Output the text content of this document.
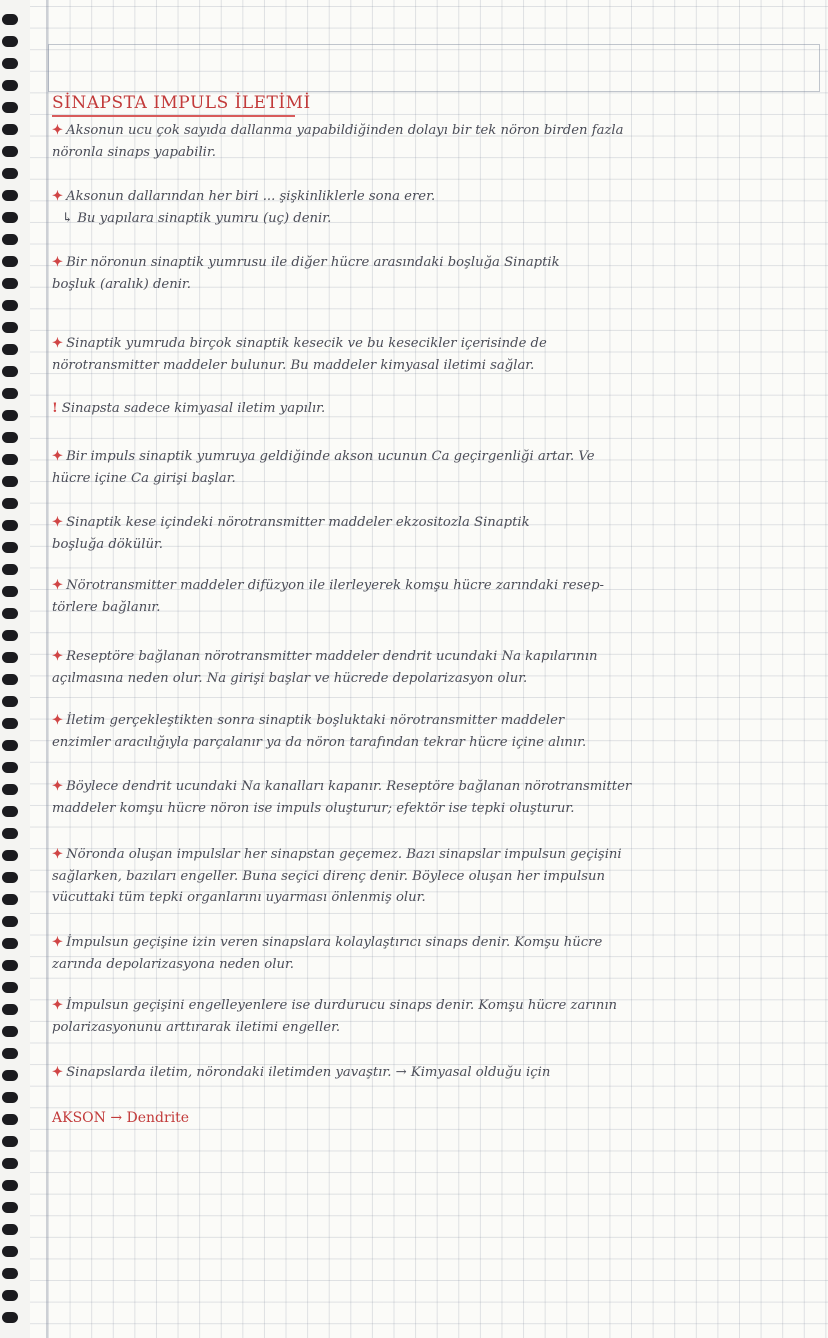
SİNAPSTA IMPULS İLETİMİ
✦ Aksonun ucu çok sayıda dallanma yapabildiğinden dolayı bir tek nöron birden fazla
nöronla sinaps yapabilir.
✦ Aksonun dallarından her biri ... şişkinliklerle sona erer.
↳ Bu yapılara sinaptik yumru (uç) denir.
✦ Bir nöronun sinaptik yumrusu ile diğer hücre arasındaki boşluğa Sinaptik
boşluk (aralık) denir.
✦ Sinaptik yumruda birçok sinaptik kesecik ve bu kesecikler içerisinde de
nörotransmitter maddeler bulunur. Bu maddeler kimyasal iletimi sağlar.
! Sinapsta sadece kimyasal iletim yapılır.
✦ Bir impuls sinaptik yumruya geldiğinde akson ucunun Ca geçirgenliği artar. Ve
hücre içine Ca girişi başlar.
✦ Sinaptik kese içindeki nörotransmitter maddeler ekzositozla Sinaptik
boşluğa dökülür.
✦ Nörotransmitter maddeler difüzyon ile ilerleyerek komşu hücre zarındaki resep-
törlere bağlanır.
✦ Reseptöre bağlanan nörotransmitter maddeler dendrit ucundaki Na kapılarının
açılmasına neden olur. Na girişi başlar ve hücrede depolarizasyon olur.
✦ İletim gerçekleştikten sonra sinaptik boşluktaki nörotransmitter maddeler
enzimler aracılığıyla parçalanır ya da nöron tarafından tekrar hücre içine alınır.
✦ Böylece dendrit ucundaki Na kanalları kapanır. Reseptöre bağlanan nörotransmitter
maddeler komşu hücre nöron ise impuls oluşturur; efektör ise tepki oluşturur.
✦ Nöronda oluşan impulslar her sinapstan geçemez. Bazı sinapslar impulsun geçişini
sağlarken, bazıları engeller. Buna seçici direnç denir. Böylece oluşan her impulsun
vücuttaki tüm tepki organlarını uyarması önlenmiş olur.
✦ İmpulsun geçişine izin veren sinapslara kolaylaştırıcı sinaps denir. Komşu hücre
zarında depolarizasyona neden olur.
✦ İmpulsun geçişini engelleyenlere ise durdurucu sinaps denir. Komşu hücre zarının
polarizasyonunu arttırarak iletimi engeller.
✦ Sinapslarda iletim, nörondaki iletimden yavaştır. → Kimyasal olduğu için
AKSON → Dendrite
